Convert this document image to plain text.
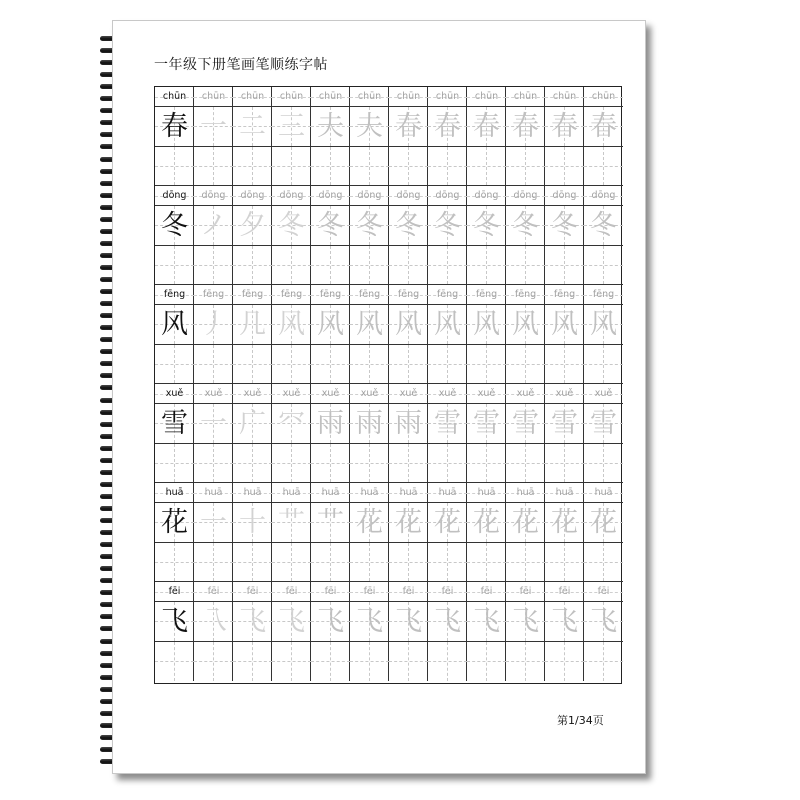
一年级下册笔画笔顺练字帖
chūn
春
chūn
一
chūn
二
chūn
三
chūn
夫
chūn
夫
chūn
春
chūn
春
chūn
春
chūn
春
chūn
春
chūn
春
dōng
冬
dōng
ノ
dōng
夕
dōng
冬
dōng
冬
dōng
冬
dōng
冬
dōng
冬
dōng
冬
dōng
冬
dōng
冬
dōng
冬
fēng
风
fēng
丿
fēng
几
fēng
风
fēng
风
fēng
风
fēng
风
fēng
风
fēng
风
fēng
风
fēng
风
fēng
风
xuě
雪
xuě
一
xuě
广
xuě
㓁
xuě
雨
xuě
雨
xuě
雨
xuě
雪
xuě
雪
xuě
雪
xuě
雪
xuě
雪
huā
花
huā
一
huā
十
huā
艹
huā
艹
huā
花
huā
花
huā
花
huā
花
huā
花
huā
花
huā
花
fēi
飞
fēi
乁
fēi
飞
fēi
飞
fēi
飞
fēi
飞
fēi
飞
fēi
飞
fēi
飞
fēi
飞
fēi
飞
fēi
飞
第1/34页
